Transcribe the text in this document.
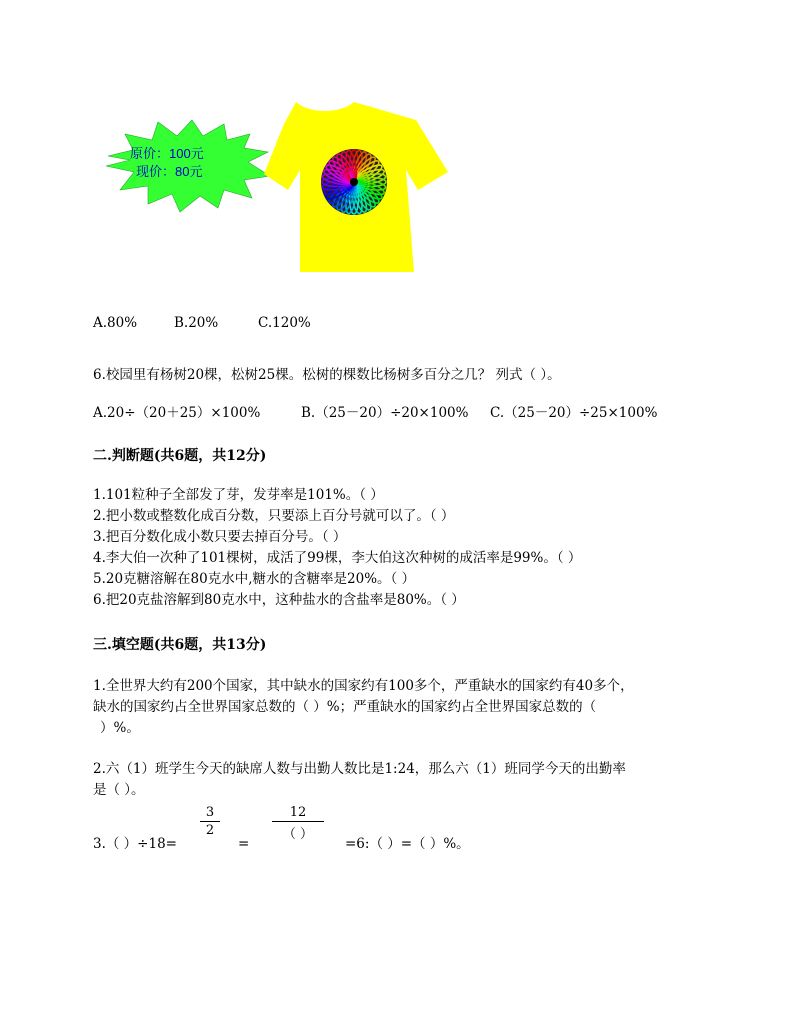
原价：100元
现价：80元
A.80%	B.20%	C.120%
6.校园里有杨树20棵，松树25棵。松树的棵数比杨树多百分之几？ 列式（ ）。
A.20÷（20＋25）×100%	B.（25－20）÷20×100% C.（25－20）÷25×100%
二.判断题(共6题，共12分)
1.101粒种子全部发了芽，发芽率是101%。（ ）
2.把小数或整数化成百分数，只要添上百分号就可以了。（ ）
3.把百分数化成小数只要去掉百分号。（ ）
4.李大伯一次种了101棵树，成活了99棵，李大伯这次种树的成活率是99%。（ ）
5.20克糖溶解在80克水中,糖水的含糖率是20%。（ ）
6.把20克盐溶解到80克水中，这种盐水的含盐率是80%。（ ）
三.填空题(共6题，共13分)
1.全世界大约有200个国家，其中缺水的国家约有100多个，严重缺水的国家约有40多个，
缺水的国家约占全世界国家总数的（ ）%；严重缺水的国家约占全世界国家总数的（
）%。
2.六（1）班学生今天的缺席人数与出勤人数比是1:24，那么六（1）班同学今天的出勤率
是（ ）。
3.（ ）÷18=
3
2
=
12
（ ）
=6:（ ）=（ ）%。
